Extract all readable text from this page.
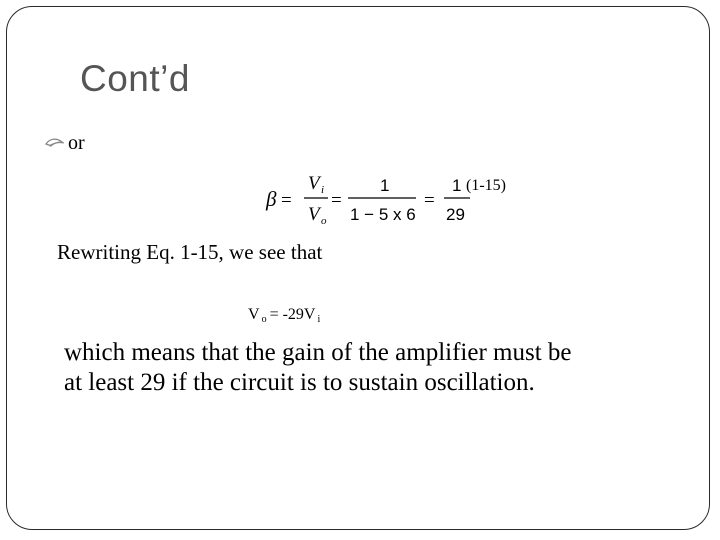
Cont’d
or
β =
V i
V o
=
1
1 − 5 x 6
=
1
29
(1-15)
Rewriting Eq. 1-15, we see that
V $_o$ = -29V $_i$
which means that the gain of the amplifier must be
at least 29 if the circuit is to sustain oscillation.
